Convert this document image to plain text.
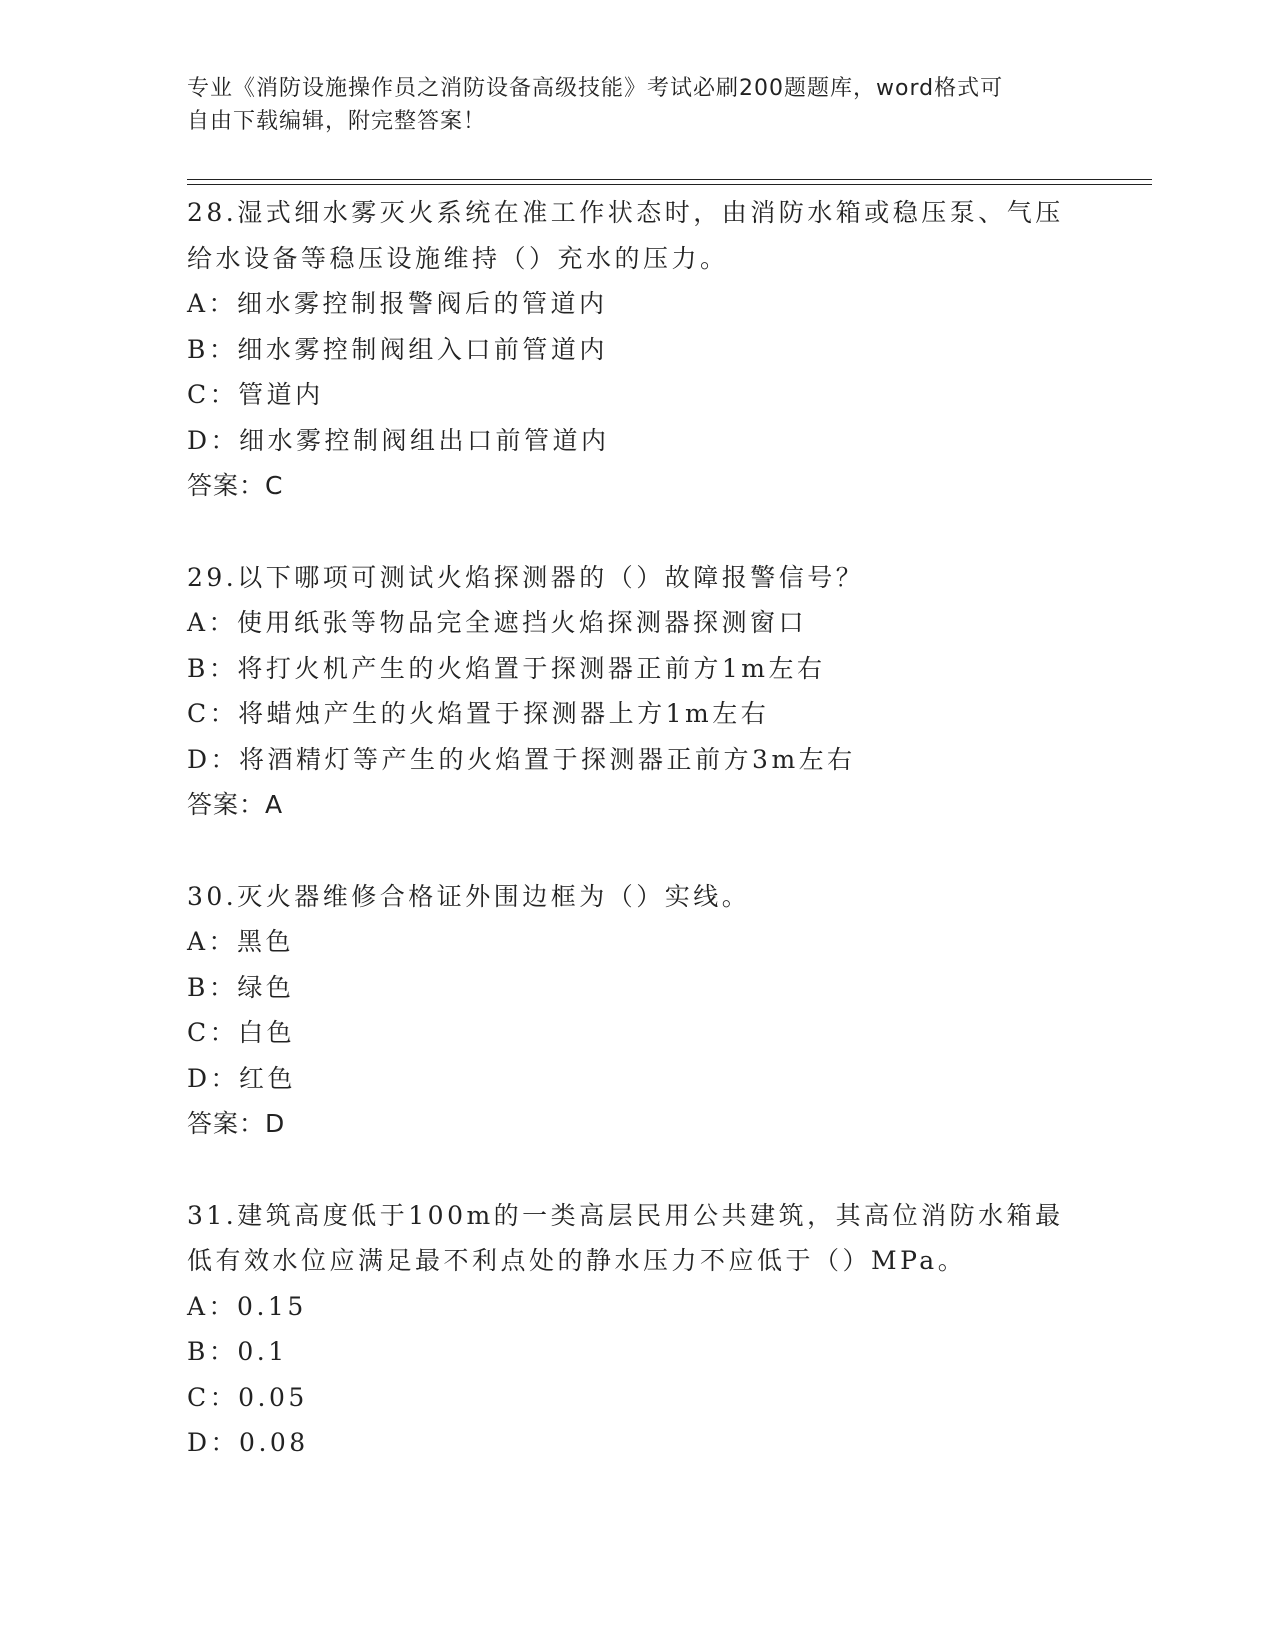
专业《消防设施操作员之消防设备高级技能》考试必刷200题题库，word格式可
自由下载编辑，附完整答案！
28.湿式细水雾灭火系统在准工作状态时，由消防水箱或稳压泵、气压
给水设备等稳压设施维持（）充水的压力。
A：细水雾控制报警阀后的管道内
B：细水雾控制阀组入口前管道内
C：管道内
D：细水雾控制阀组出口前管道内
答案：C
29.以下哪项可测试火焰探测器的（）故障报警信号？
A：使用纸张等物品完全遮挡火焰探测器探测窗口
B：将打火机产生的火焰置于探测器正前方1m左右
C：将蜡烛产生的火焰置于探测器上方1m左右
D：将酒精灯等产生的火焰置于探测器正前方3m左右
答案：A
30.灭火器维修合格证外围边框为（）实线。
A：黑色
B：绿色
C：白色
D：红色
答案：D
31.建筑高度低于100m的一类高层民用公共建筑，其高位消防水箱最
低有效水位应满足最不利点处的静水压力不应低于（）MPa。
A：0.15
B：0.1
C：0.05
D：0.08
